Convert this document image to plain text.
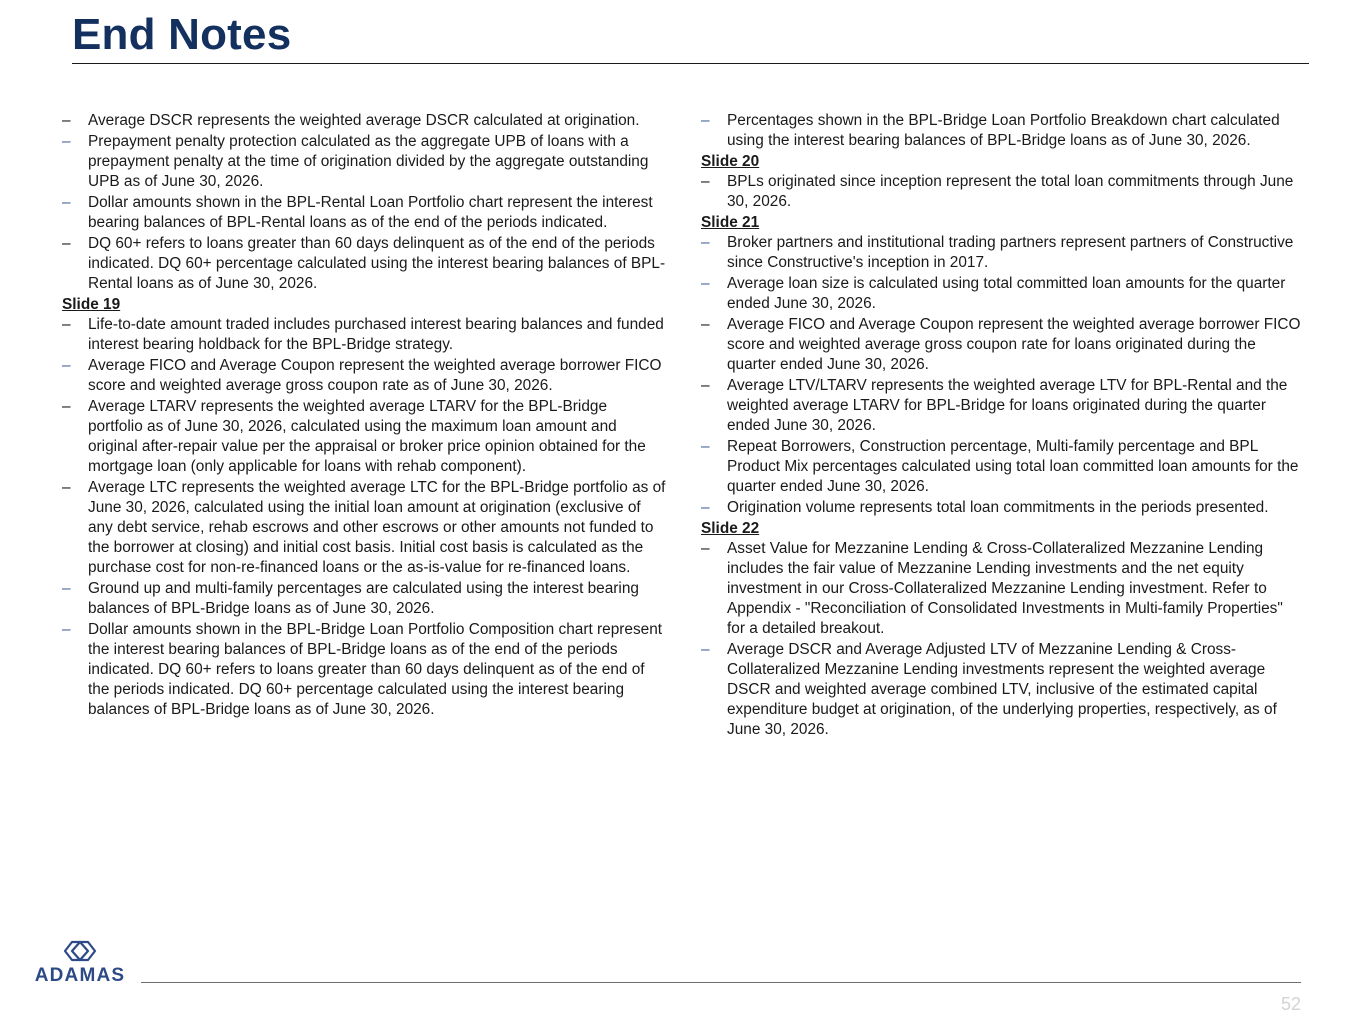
End Notes
–	Average DSCR represents the weighted average DSCR calculated at origination.
–	Prepayment penalty protection calculated as the aggregate UPB of loans with a prepayment penalty at the time of origination divided by the aggregate outstanding UPB as of June 30, 2026.
–	Dollar amounts shown in the BPL-Rental Loan Portfolio chart represent the interest bearing balances of BPL-Rental loans as of the end of the periods indicated.
–	DQ 60+ refers to loans greater than 60 days delinquent as of the end of the periods indicated. DQ 60+ percentage calculated using the interest bearing balances of BPL-Rental loans as of June 30, 2026.
Slide 19
–	Life-to-date amount traded includes purchased interest bearing balances and funded interest bearing holdback for the BPL-Bridge strategy.
–	Average FICO and Average Coupon represent the weighted average borrower FICO score and weighted average gross coupon rate as of June 30, 2026.
–	Average LTARV represents the weighted average LTARV for the BPL-Bridge portfolio as of June 30, 2026, calculated using the maximum loan amount and original after-repair value per the appraisal or broker price opinion obtained for the mortgage loan (only applicable for loans with rehab component).
–	Average LTC represents the weighted average LTC for the BPL-Bridge portfolio as of June 30, 2026, calculated using the initial loan amount at origination (exclusive of any debt service, rehab escrows and other escrows or other amounts not funded to the borrower at closing) and initial cost basis. Initial cost basis is calculated as the purchase cost for non-re-financed loans or the as-is-value for re-financed loans.
–	Ground up and multi-family percentages are calculated using the interest bearing balances of BPL-Bridge loans as of June 30, 2026.
–	Dollar amounts shown in the BPL-Bridge Loan Portfolio Composition chart represent the interest bearing balances of BPL-Bridge loans as of the end of the periods indicated. DQ 60+ refers to loans greater than 60 days delinquent as of the end of the periods indicated. DQ 60+ percentage calculated using the interest bearing balances of BPL-Bridge loans as of June 30, 2026.
–	Percentages shown in the BPL-Bridge Loan Portfolio Breakdown chart calculated using the interest bearing balances of BPL-Bridge loans as of June 30, 2026.
Slide 20
–	BPLs originated since inception represent the total loan commitments through June 30, 2026.
Slide 21
–	Broker partners and institutional trading partners represent partners of Constructive since Constructive's inception in 2017.
–	Average loan size is calculated using total committed loan amounts for the quarter ended June 30, 2026.
–	Average FICO and Average Coupon represent the weighted average borrower FICO score and weighted average gross coupon rate for loans originated during the quarter ended June 30, 2026.
–	Average LTV/LTARV represents the weighted average LTV for BPL-Rental and the weighted average LTARV for BPL-Bridge for loans originated during the quarter ended June 30, 2026.
–	Repeat Borrowers, Construction percentage, Multi-family percentage and BPL Product Mix percentages calculated using total loan committed loan amounts for the quarter ended June 30, 2026.
–	Origination volume represents total loan commitments in the periods presented.
Slide 22
–	Asset Value for Mezzanine Lending & Cross-Collateralized Mezzanine Lending includes the fair value of Mezzanine Lending investments and the net equity investment in our Cross-Collateralized Mezzanine Lending investment. Refer to Appendix - "Reconciliation of Consolidated Investments in Multi-family Properties" for a detailed breakout.
–	Average DSCR and Average Adjusted LTV of Mezzanine Lending & Cross-Collateralized Mezzanine Lending investments represent the weighted average DSCR and weighted average combined LTV, inclusive of the estimated capital expenditure budget at origination, of the underlying properties, respectively, as of June 30, 2026.
ADAMAS
52
